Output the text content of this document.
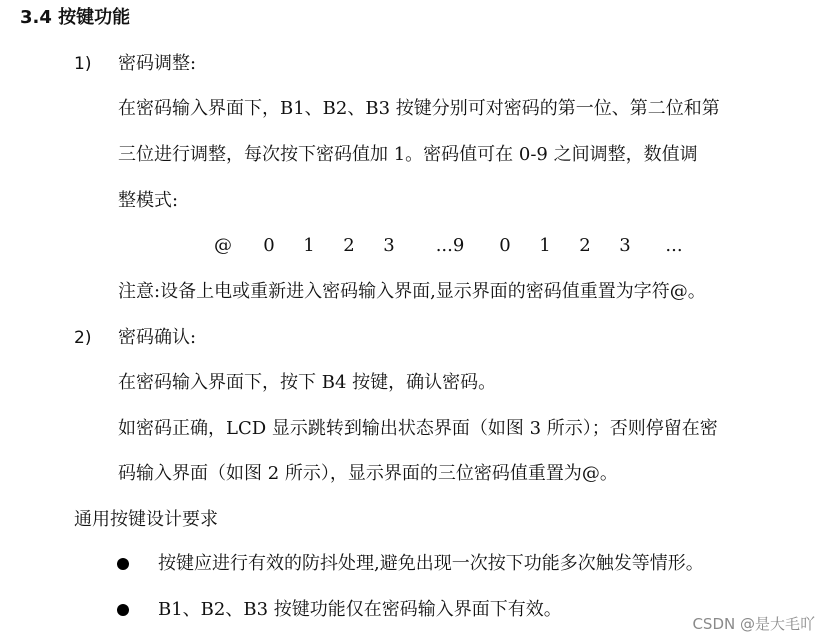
3.4 按键功能
1) 密码调整:
在密码输入界面下，B1、B2、B3 按键分别可对密码的第一位、第二位和第
三位进行调整，每次按下密码值加 1。密码值可在 0-9 之间调整，数值调
整模式:
@ 0 1 2 3 ...9 0 1 2 3 ...
注意:设备上电或重新进入密码输入界面,显示界面的密码值重置为字符@。
2) 密码确认:
在密码输入界面下，按下 B4 按键，确认密码。
如密码正确，LCD 显示跳转到输出状态界面（如图 3 所示）；否则停留在密
码输入界面（如图 2 所示），显示界面的三位密码值重置为@。
通用按键设计要求
按键应进行有效的防抖处理,避免出现一次按下功能多次触发等情形。
B1、B2、B3 按键功能仅在密码输入界面下有效。
CSDN @是大毛吖
